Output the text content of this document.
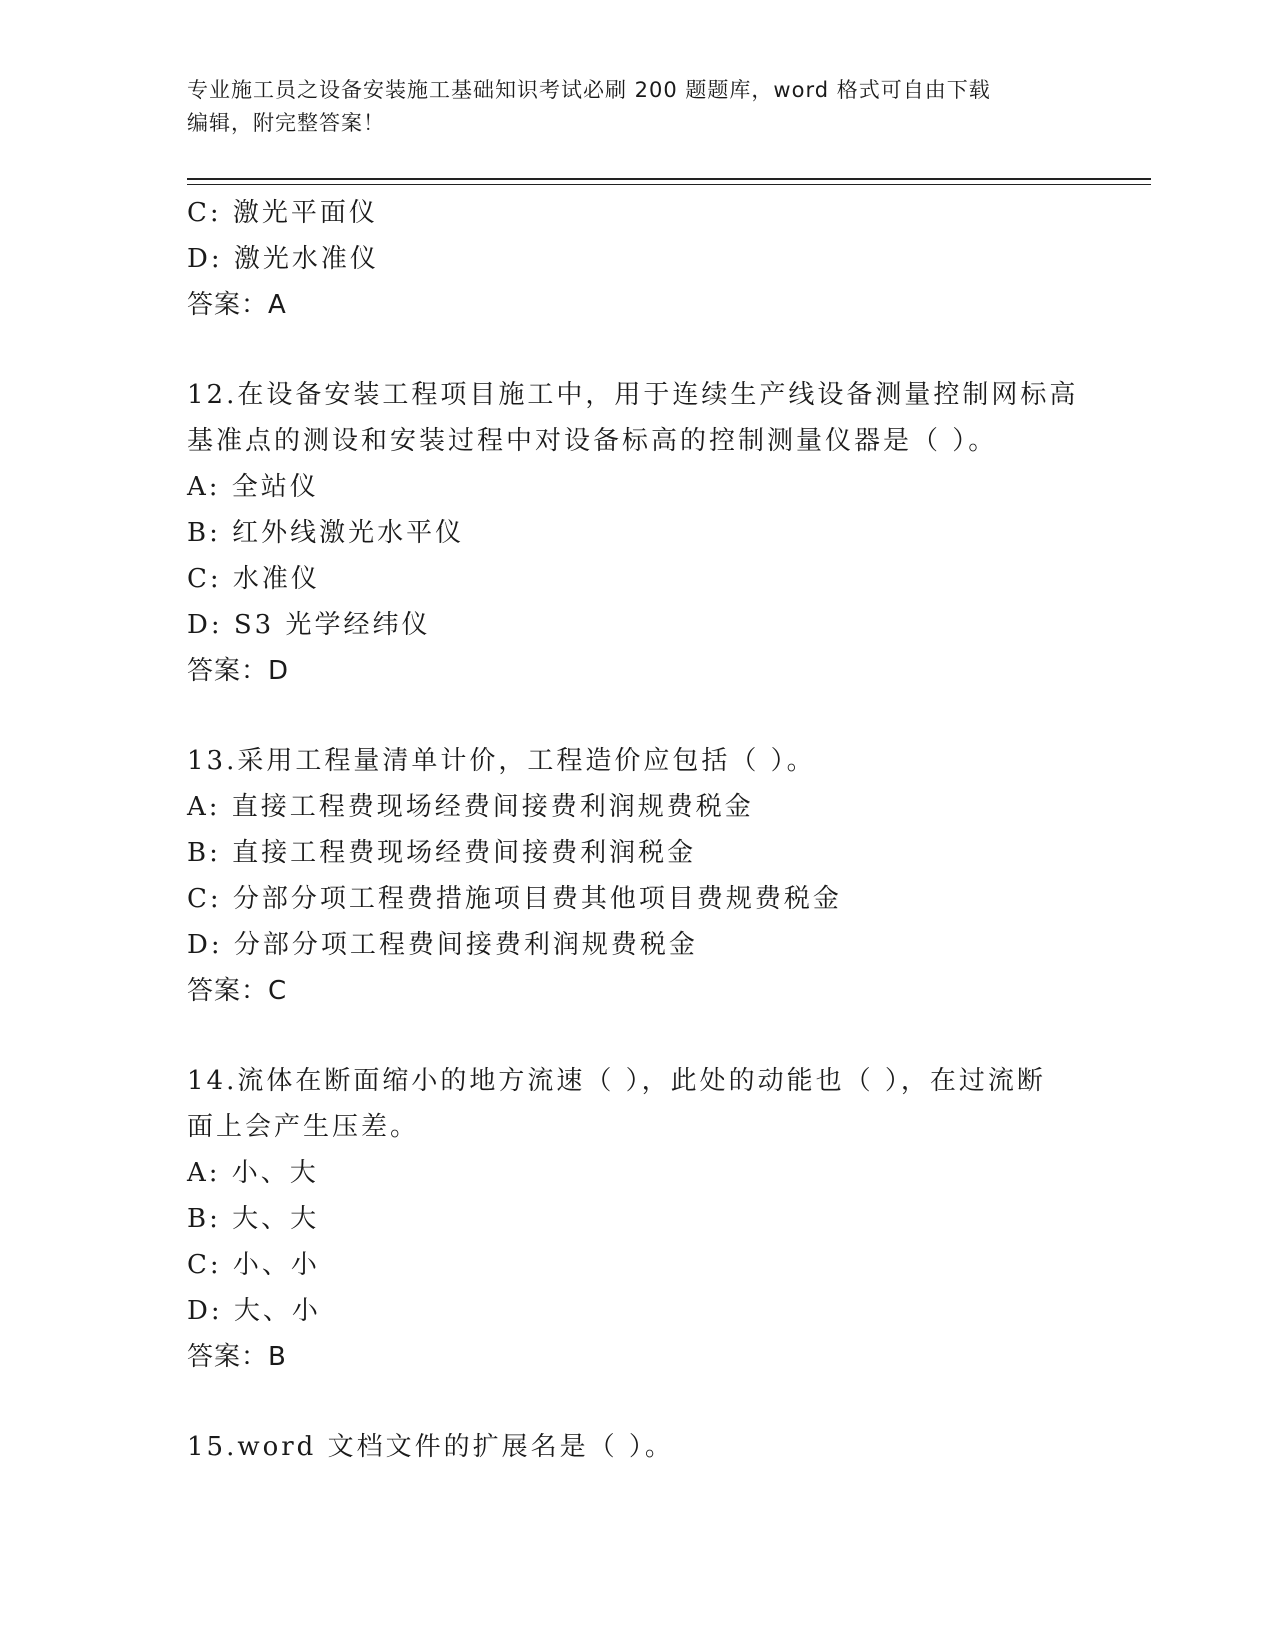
专业施工员之设备安装施工基础知识考试必刷 200 题题库，word 格式可自由下载
编辑，附完整答案！
C: 激光平面仪
D: 激光水准仪
答案：A
12.在设备安装工程项目施工中，用于连续生产线设备测量控制网标高
基准点的测设和安装过程中对设备标高的控制测量仪器是（ ）。
A: 全站仪
B: 红外线激光水平仪
C: 水准仪
D: S3 光学经纬仪
答案：D
13.采用工程量清单计价，工程造价应包括（ ）。
A: 直接工程费现场经费间接费利润规费税金
B: 直接工程费现场经费间接费利润税金
C: 分部分项工程费措施项目费其他项目费规费税金
D: 分部分项工程费间接费利润规费税金
答案：C
14.流体在断面缩小的地方流速（ ），此处的动能也（ ），在过流断
面上会产生压差。
A: 小、大
B: 大、大
C: 小、小
D: 大、小
答案：B
15.word 文档文件的扩展名是（ ）。
